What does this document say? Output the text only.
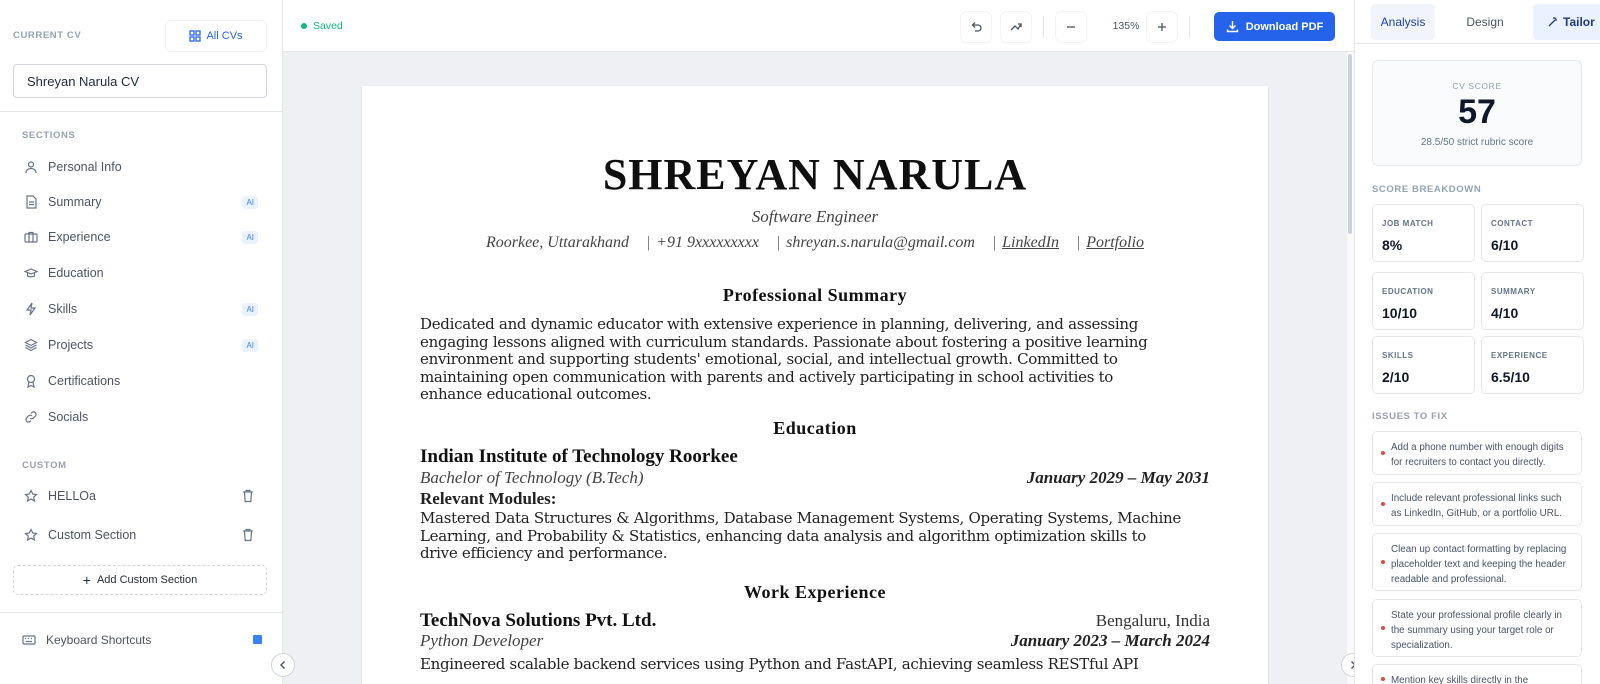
CURRENT CV	All CVs
Shreyan Narula CV
SECTIONS
Personal Info
Summary	AI
Experience	AI
Education
Skills	AI
Projects	AI
Certifications
Socials
CUSTOM
HELLOa
Custom Section
+ Add Custom Section
Keyboard Shortcuts
Saved	135%	Download PDF
SHREYAN NARULA
Software Engineer
Roorkee, Uttarakhand | +91 9xxxxxxxxx | shreyan.s.narula@gmail.com | LinkedIn | Portfolio
Professional Summary
Dedicated and dynamic educator with extensive experience in planning, delivering, and assessing
engaging lessons aligned with curriculum standards. Passionate about fostering a positive learning
environment and supporting students' emotional, social, and intellectual growth. Committed to
maintaining open communication with parents and actively participating in school activities to
enhance educational outcomes.
Education
Indian Institute of Technology Roorkee
Bachelor of Technology (B.Tech)	January 2029 – May 2031
Relevant Modules:
Mastered Data Structures & Algorithms, Database Management Systems, Operating Systems, Machine
Learning, and Probability & Statistics, enhancing data analysis and algorithm optimization skills to
drive efficiency and performance.
Work Experience
TechNova Solutions Pvt. Ltd.	Bengaluru, India
Python Developer	January 2023 – March 2024
Engineered scalable backend services using Python and FastAPI, achieving seamless RESTful API
Analysis	Design	Tailor
CV SCORE
57
28.5/50 strict rubric score
SCORE BREAKDOWN
JOB MATCH
8%
CONTACT
6/10
EDUCATION
10/10
SUMMARY
4/10
SKILLS
2/10
EXPERIENCE
6.5/10
ISSUES TO FIX
Add a phone number with enough digits for recruiters to contact you directly.
Include relevant professional links such as LinkedIn, GitHub, or a portfolio URL.
Clean up contact formatting by replacing placeholder text and keeping the header readable and professional.
State your professional profile clearly in the summary using your target role or specialization.
Mention key skills directly in the
